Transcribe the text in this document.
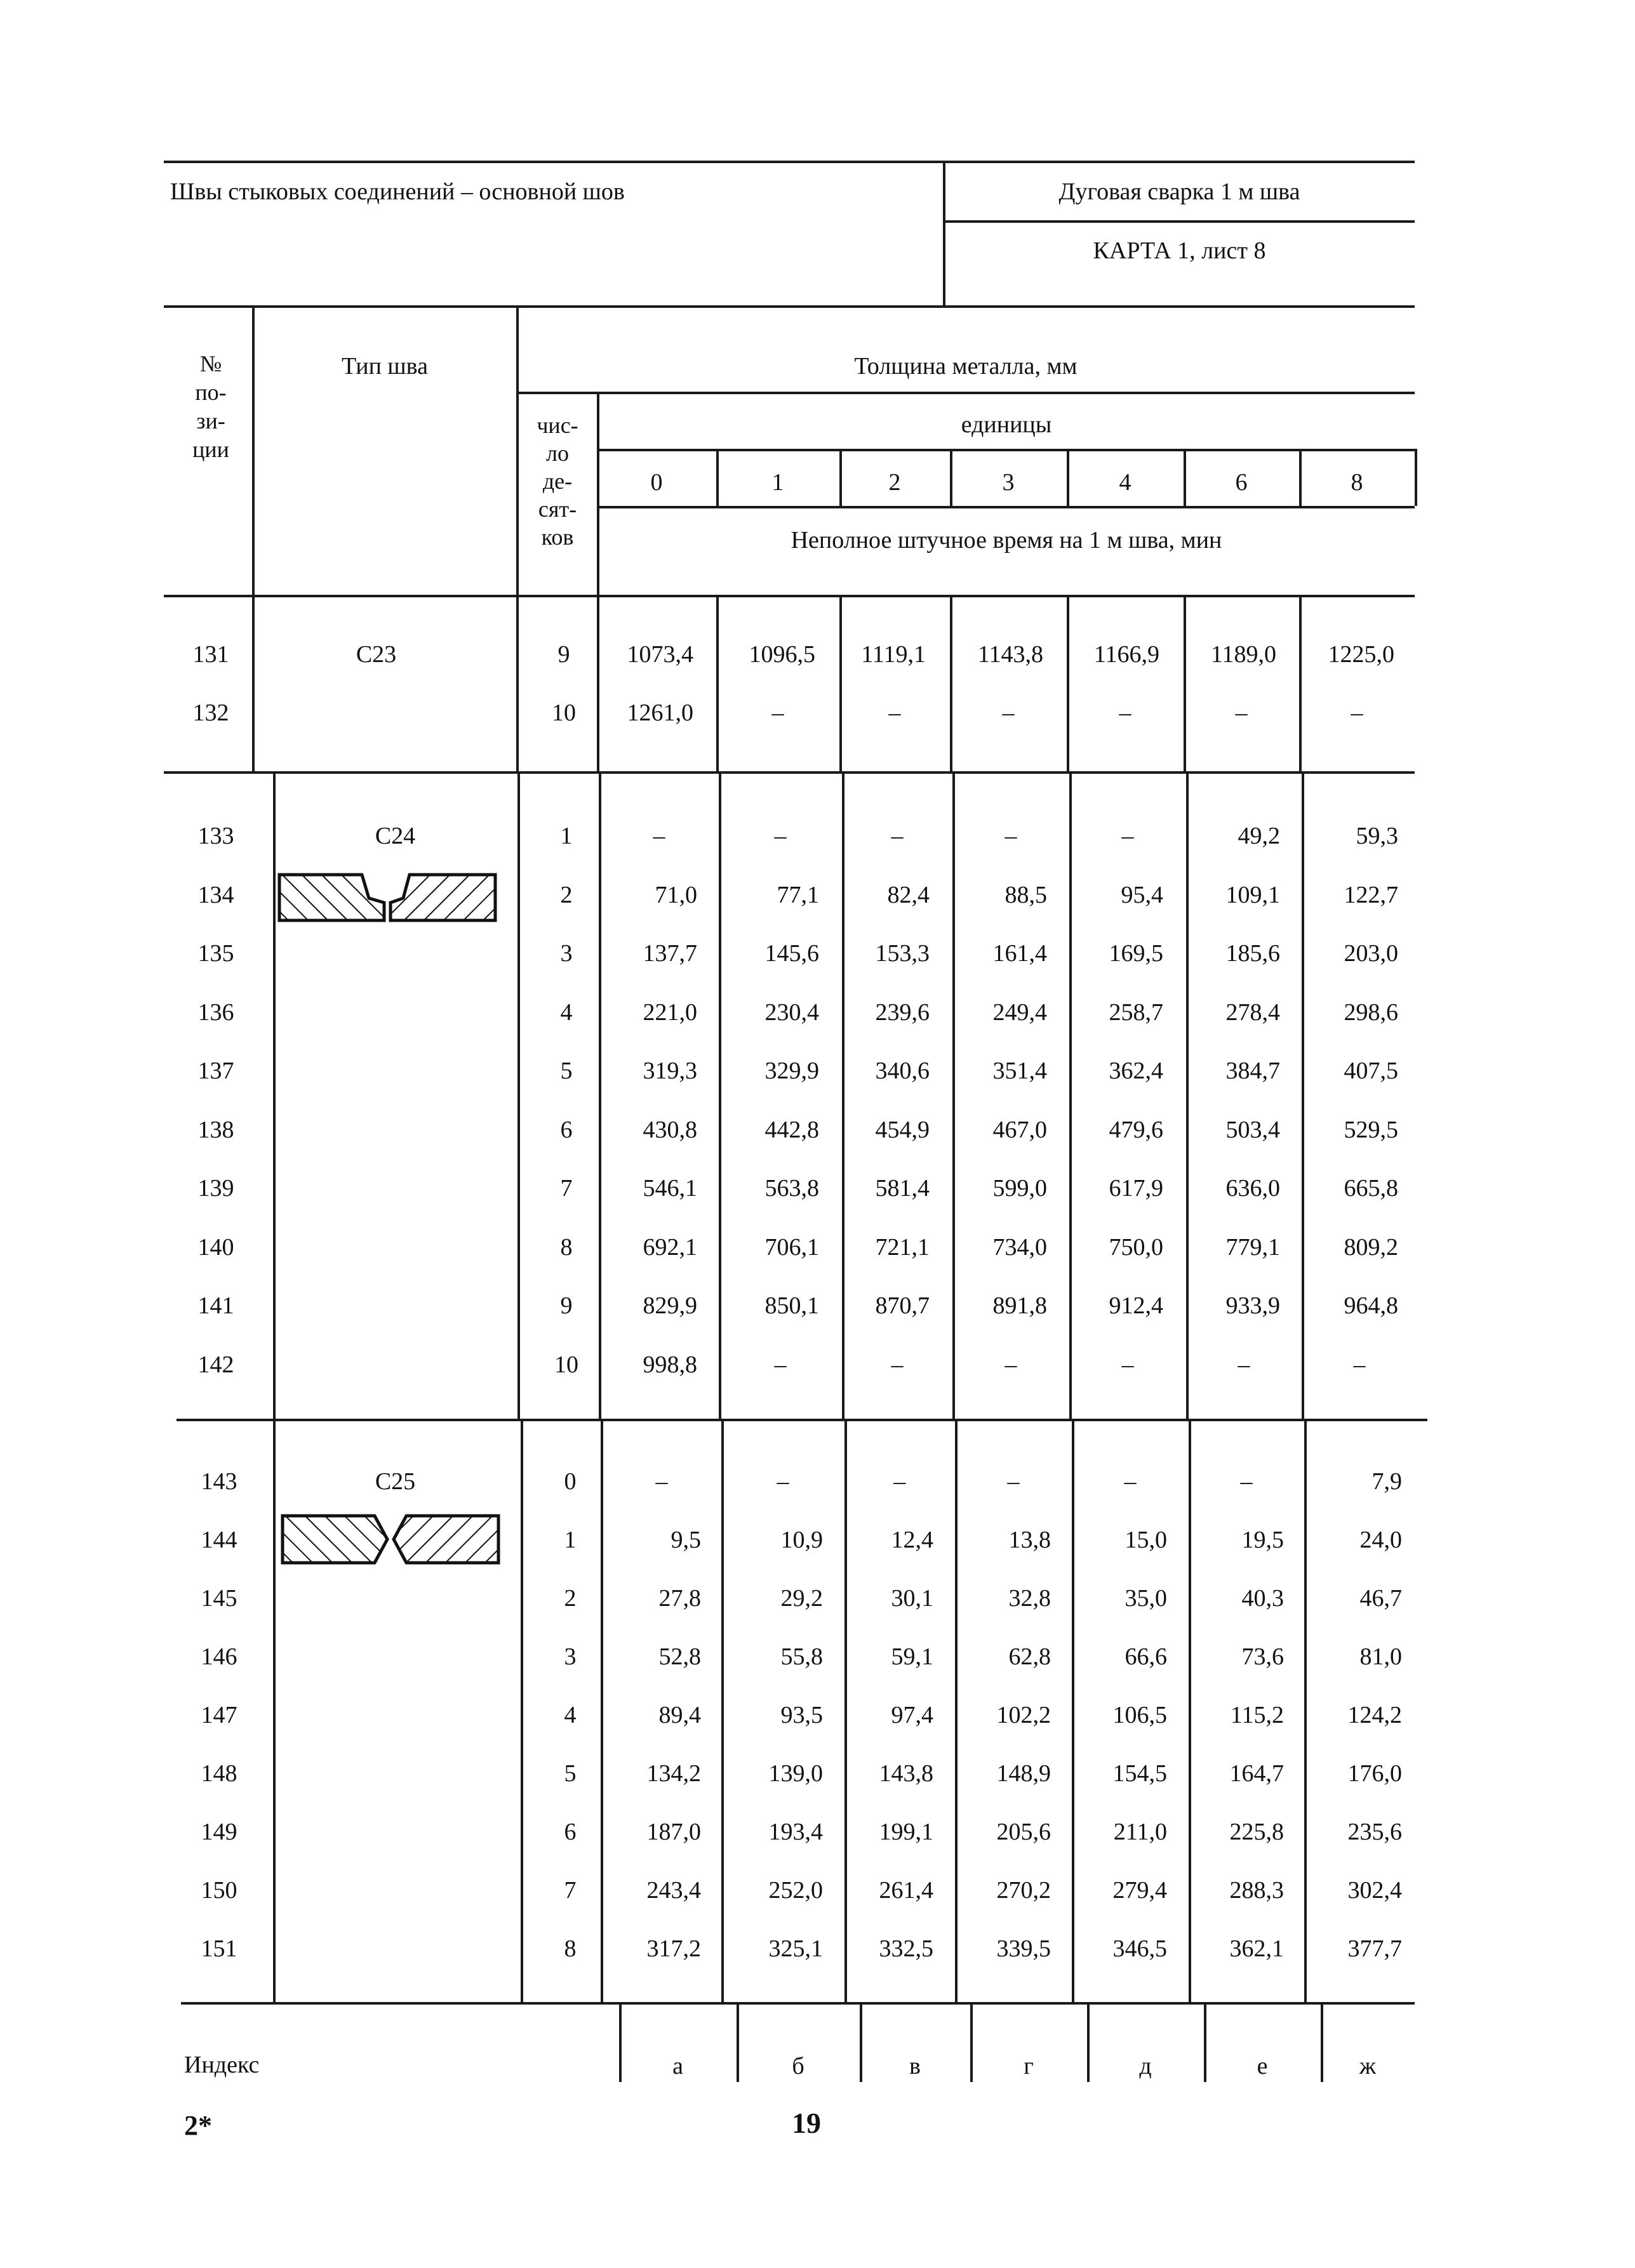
Швы стыковых соединений – основной шов	Дуговая сварка 1 м шва
КАРТА 1, лист 8
№
по-
зи-
ции
Тип шва	Толщина металла, мм
чис-
ло
де-
сят-
ков
единицы
0	1	2	3	4	6	8
Неполное штучное время на 1 м шва, мин
С23
131	9	1073,4	1096,5	1119,1	1143,8	1166,9	1189,0	1225,0
132	10	1261,0	–	–	–	–	–	–
С24
133	1	–	–	–	–	–	49,2	59,3
134	2	71,0	77,1	82,4	88,5	95,4	109,1	122,7
135	3	137,7	145,6	153,3	161,4	169,5	185,6	203,0
136	4	221,0	230,4	239,6	249,4	258,7	278,4	298,6
137	5	319,3	329,9	340,6	351,4	362,4	384,7	407,5
138	6	430,8	442,8	454,9	467,0	479,6	503,4	529,5
139	7	546,1	563,8	581,4	599,0	617,9	636,0	665,8
140	8	692,1	706,1	721,1	734,0	750,0	779,1	809,2
141	9	829,9	850,1	870,7	891,8	912,4	933,9	964,8
142	10	998,8	–	–	–	–	–	–
С25
143	0	–	–	–	–	–	–	7,9
144	1	9,5	10,9	12,4	13,8	15,0	19,5	24,0
145	2	27,8	29,2	30,1	32,8	35,0	40,3	46,7
146	3	52,8	55,8	59,1	62,8	66,6	73,6	81,0
147	4	89,4	93,5	97,4	102,2	106,5	115,2	124,2
148	5	134,2	139,0	143,8	148,9	154,5	164,7	176,0
149	6	187,0	193,4	199,1	205,6	211,0	225,8	235,6
150	7	243,4	252,0	261,4	270,2	279,4	288,3	302,4
151	8	317,2	325,1	332,5	339,5	346,5	362,1	377,7
Индекс	а	б	в	г	д	е	ж
2*	19
